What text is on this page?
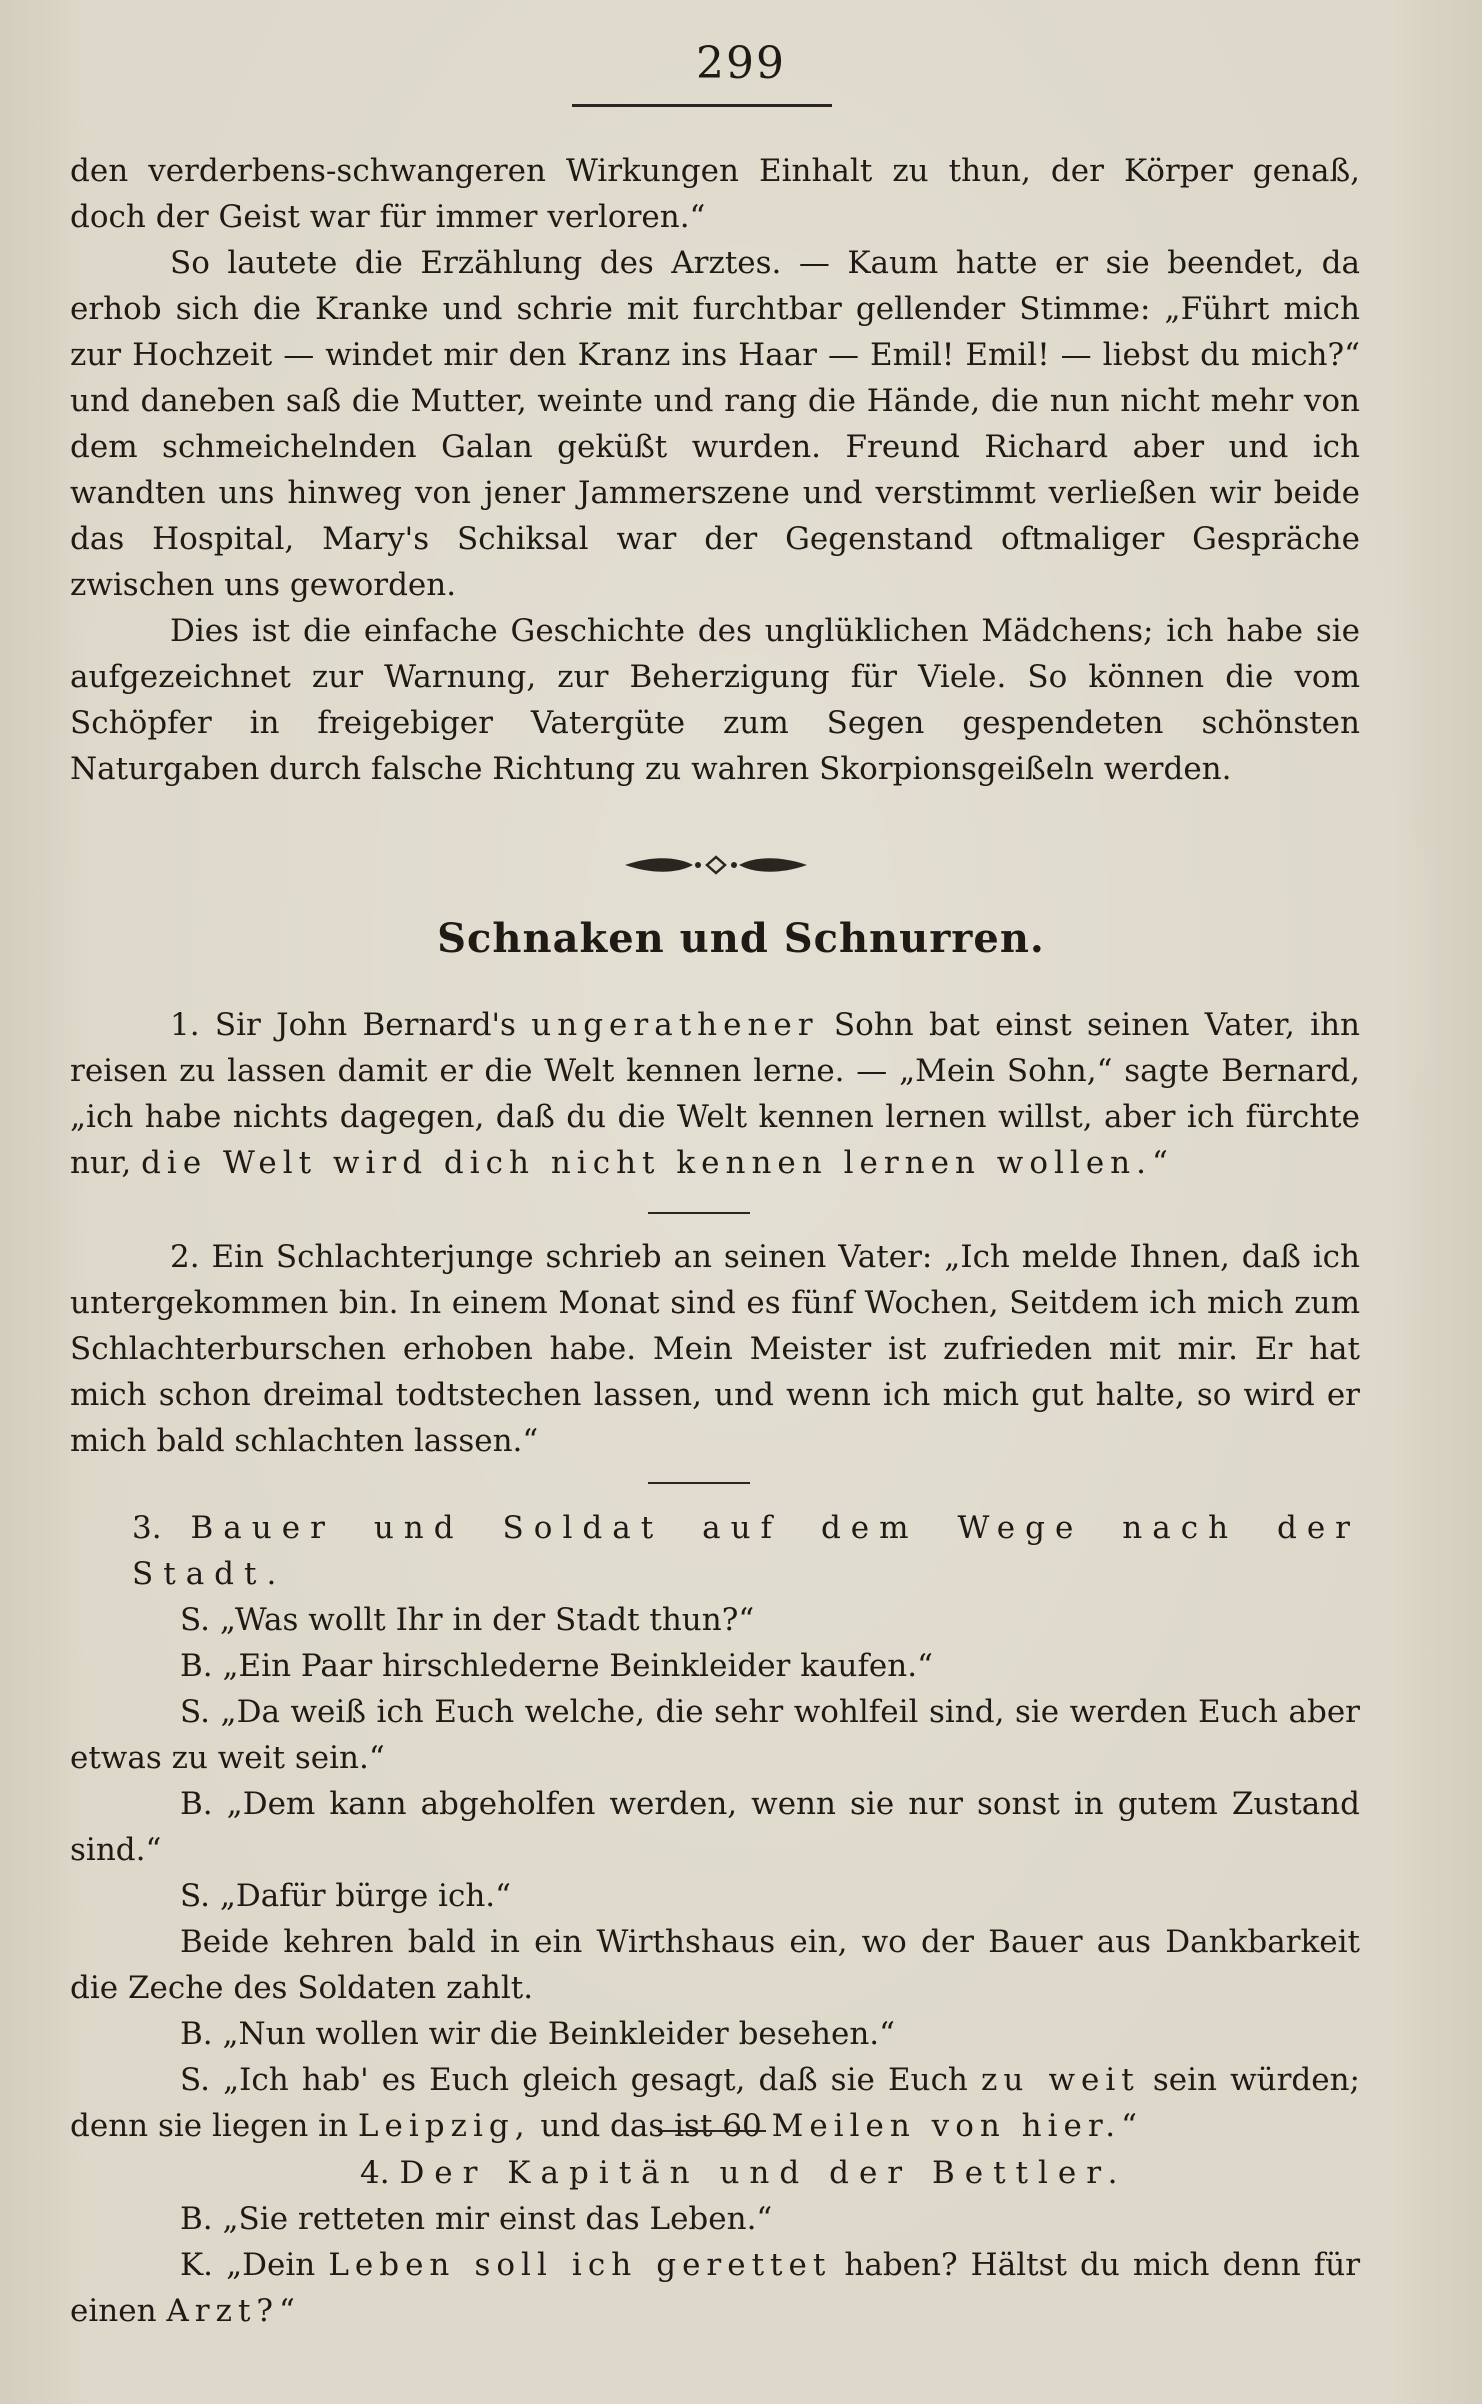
299

den verderbens-schwangeren Wirkungen Einhalt zu thun, der Körper genaß, doch der Geist war für immer verloren.“

So lautete die Erzählung des Arztes. — Kaum hatte er sie beendet, da erhob sich die Kranke und schrie mit furchtbar gellender Stimme: „Führt mich zur Hochzeit — windet mir den Kranz ins Haar — Emil! Emil! — liebst du mich?“ und daneben saß die Mutter, weinte und rang die Hände, die nun nicht mehr von dem schmeichelnden Galan geküßt wurden. Freund Richard aber und ich wandten uns hinweg von jener Jammerszene und verstimmt verließen wir beide das Hospital, Mary's Schiksal war der Gegenstand oftmaliger Gespräche zwischen uns geworden.

Dies ist die einfache Geschichte des unglüklichen Mädchens; ich habe sie aufgezeichnet zur Warnung, zur Beherzigung für Viele. So können die vom Schöpfer in freigebiger Vatergüte zum Segen gespendeten schönsten Naturgaben durch falsche Richtung zu wahren Skorpionsgeißeln werden.

Schnaken und Schnurren.

1. Sir John Bernard's ungerathener Sohn bat einst seinen Vater, ihn reisen zu lassen damit er die Welt kennen lerne. — „Mein Sohn,“ sagte Bernard, „ich habe nichts dagegen, daß du die Welt kennen lernen willst, aber ich fürchte nur, die Welt wird dich nicht kennen lernen wollen.“

2. Ein Schlachterjunge schrieb an seinen Vater: „Ich melde Ihnen, daß ich untergekommen bin. In einem Monat sind es fünf Wochen, Seitdem ich mich zum Schlachterburschen erhoben habe. Mein Meister ist zufrieden mit mir. Er hat mich schon dreimal todtstechen lassen, und wenn ich mich gut halte, so wird er mich bald schlachten lassen.“

3. Bauer und Soldat auf dem Wege nach der Stadt.

S. „Was wollt Ihr in der Stadt thun?“

B. „Ein Paar hirschlederne Beinkleider kaufen.“

S. „Da weiß ich Euch welche, die sehr wohlfeil sind, sie werden Euch aber etwas zu weit sein.“

B. „Dem kann abgeholfen werden, wenn sie nur sonst in gutem Zustand sind.“

S. „Dafür bürge ich.“

Beide kehren bald in ein Wirthshaus ein, wo der Bauer aus Dankbarkeit die Zeche des Soldaten zahlt.

B. „Nun wollen wir die Beinkleider besehen.“

S. „Ich hab' es Euch gleich gesagt, daß sie Euch zu weit sein würden; denn sie liegen in Leipzig, und das ist 60 Meilen von hier.“

4. Der Kapitän und der Bettler.

B. „Sie retteten mir einst das Leben.“

K. „Dein Leben soll ich gerettet haben? Hältst du mich denn für einen Arzt?“
